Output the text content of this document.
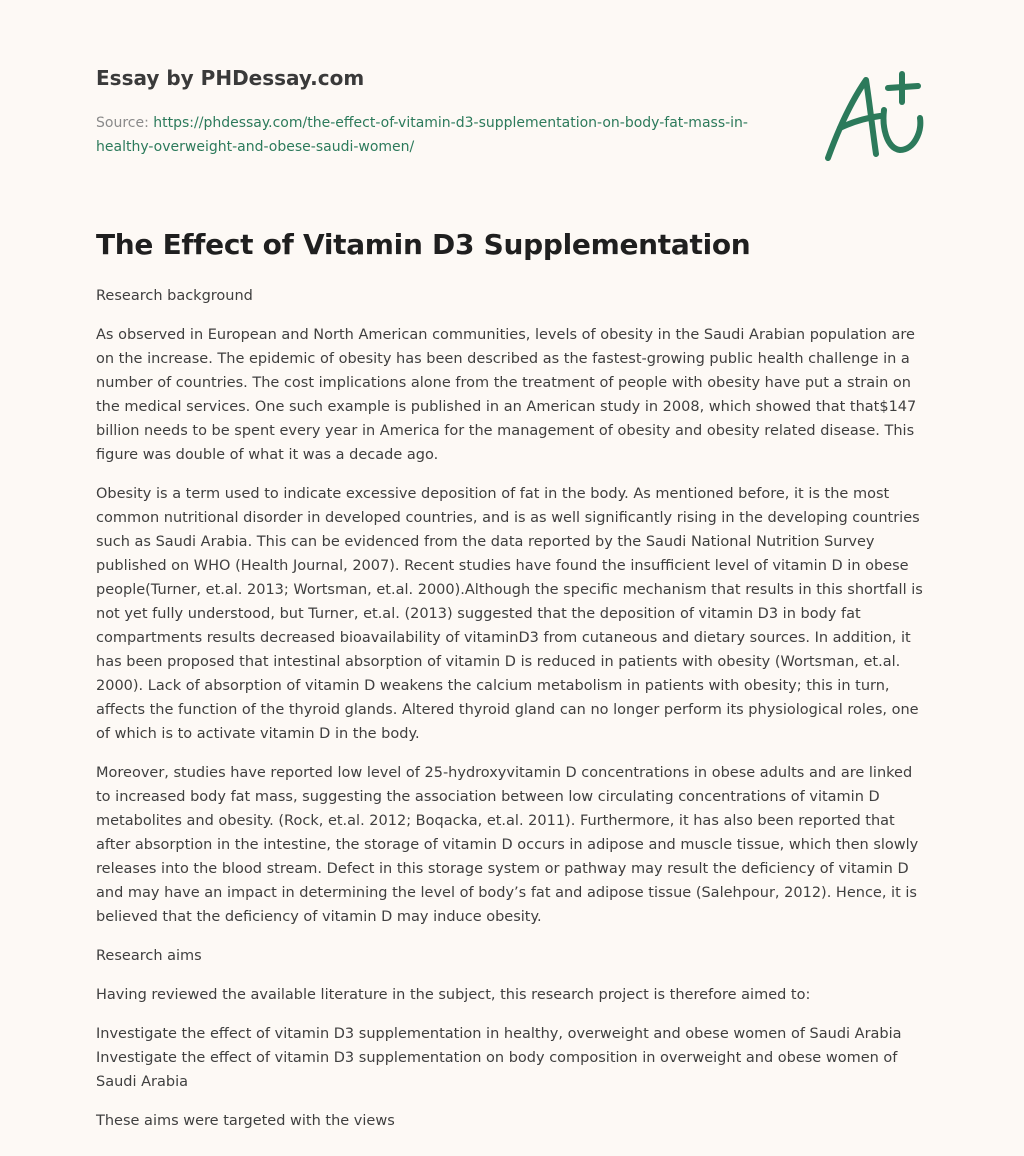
Essay by PHDessay.com

Source: https://phdessay.com/the-effect-of-vitamin-d3-supplementation-on-body-fat-mass-in-healthy-overweight-and-obese-saudi-women/
The Effect of Vitamin D3 Supplementation

Research background

As observed in European and North American communities, levels of obesity in the Saudi Arabian population are on the increase. The epidemic of obesity has been described as the fastest-growing public health challenge in a number of countries. The cost implications alone from the treatment of people with obesity have put a strain on the medical services. One such example is published in an American study in 2008, which showed that that$147 billion needs to be spent every year in America for the management of obesity and obesity related disease. This figure was double of what it was a decade ago.

Obesity is a term used to indicate excessive deposition of fat in the body. As mentioned before, it is the most common nutritional disorder in developed countries, and is as well significantly rising in the developing countries such as Saudi Arabia. This can be evidenced from the data reported by the Saudi National Nutrition Survey published on WHO (Health Journal, 2007). Recent studies have found the insufficient level of vitamin D in obese people(Turner, et.al. 2013; Wortsman, et.al. 2000).Although the specific mechanism that results in this shortfall is not yet fully understood, but Turner, et.al. (2013) suggested that the deposition of vitamin D3 in body fat compartments results decreased bioavailability of vitaminD3 from cutaneous and dietary sources. In addition, it has been proposed that intestinal absorption of vitamin D is reduced in patients with obesity (Wortsman, et.al. 2000). Lack of absorption of vitamin D weakens the calcium metabolism in patients with obesity; this in turn, affects the function of the thyroid glands. Altered thyroid gland can no longer perform its physiological roles, one of which is to activate vitamin D in the body.

Moreover, studies have reported low level of 25-hydroxyvitamin D concentrations in obese adults and are linked to increased body fat mass, suggesting the association between low circulating concentrations of vitamin D metabolites and obesity. (Rock, et.al. 2012; Boqacka, et.al. 2011). Furthermore, it has also been reported that after absorption in the intestine, the storage of vitamin D occurs in adipose and muscle tissue, which then slowly releases into the blood stream. Defect in this storage system or pathway may result the deficiency of vitamin D and may have an impact in determining the level of body’s fat and adipose tissue (Salehpour, 2012). Hence, it is believed that the deficiency of vitamin D may induce obesity.

Research aims

Having reviewed the available literature in the subject, this research project is therefore aimed to:

Investigate the effect of vitamin D3 supplementation in healthy, overweight and obese women of Saudi Arabia Investigate the effect of vitamin D3 supplementation on body composition in overweight and obese women of Saudi Arabia

These aims were targeted with the views
